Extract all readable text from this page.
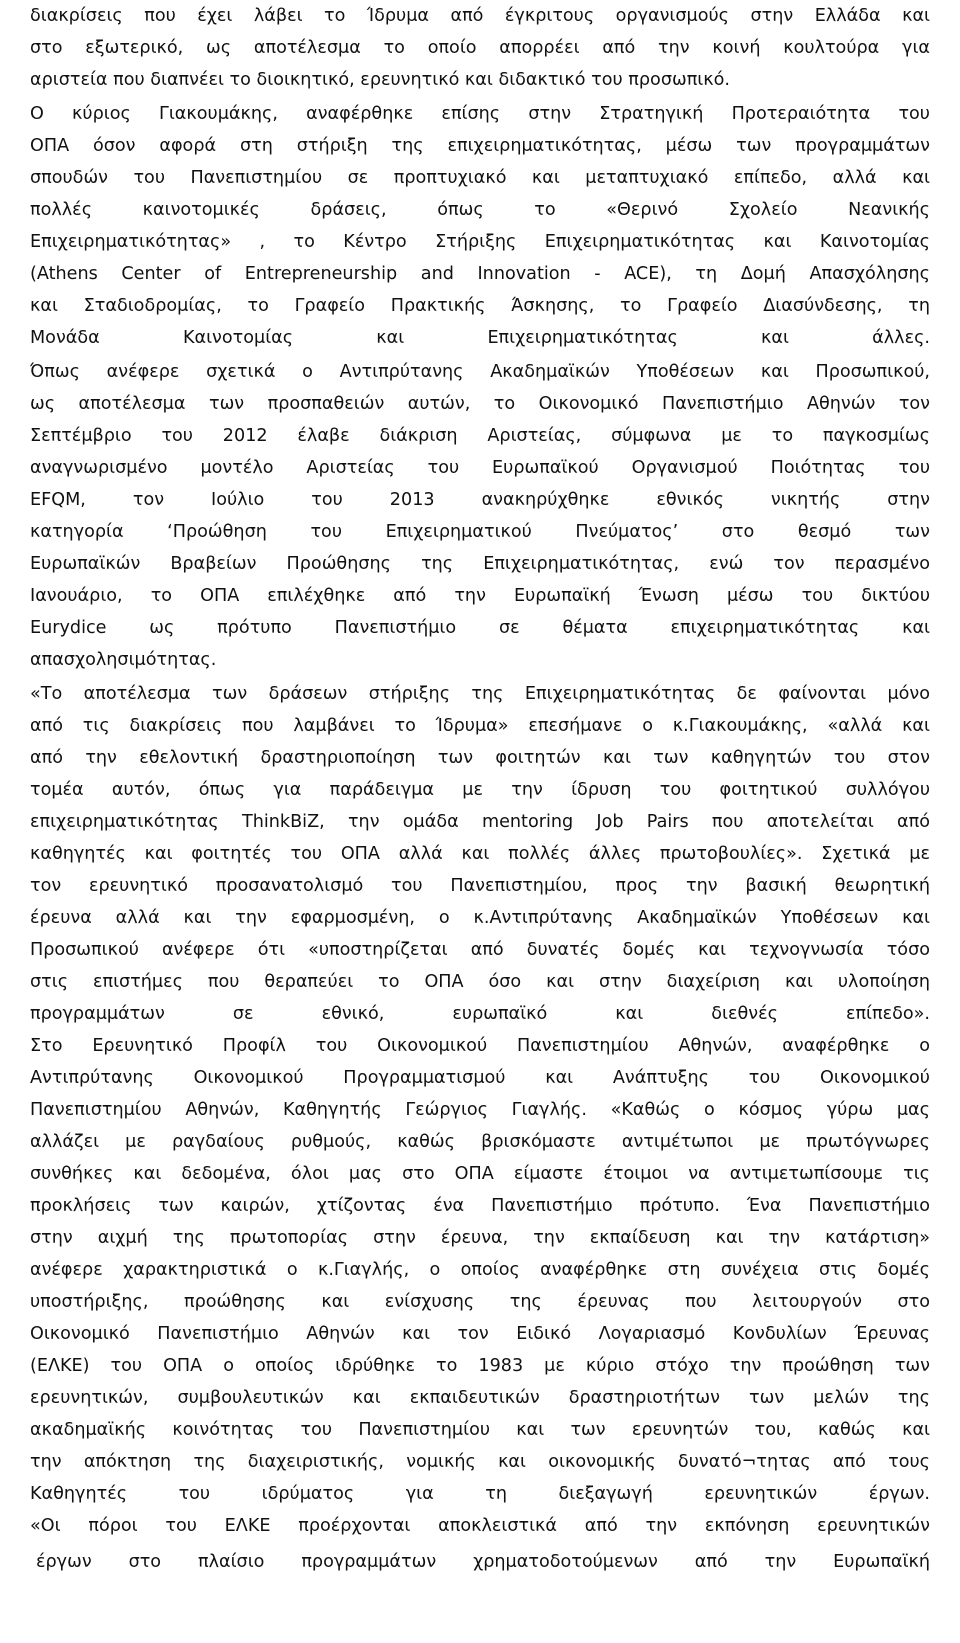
διακρίσεις που έχει λάβει το Ίδρυμα από έγκριτους οργανισμούς στην Ελλάδα και
στο εξωτερικό, ως αποτέλεσμα το οποίο απορρέει από την κοινή κουλτούρα για
αριστεία που διαπνέει το διοικητικό, ερευνητικό και διδακτικό του προσωπικό.
Ο κύριος Γιακουμάκης, αναφέρθηκε επίσης στην Στρατηγική Προτεραιότητα του
ΟΠΑ όσον αφορά στη στήριξη της επιχειρηματικότητας, μέσω των προγραμμάτων
σπουδών του Πανεπιστημίου σε προπτυχιακό και μεταπτυχιακό επίπεδο, αλλά και
πολλές καινοτομικές δράσεις, όπως το «Θερινό Σχολείο Νεανικής
Επιχειρηματικότητας» , το Κέντρο Στήριξης Επιχειρηματικότητας και Καινοτομίας
(Athens Center of Entrepreneurship and Innovation - ACE), τη Δομή Απασχόλησης
και Σταδιοδρομίας, το Γραφείο Πρακτικής Άσκησης, το Γραφείο Διασύνδεσης, τη
Μονάδα Καινοτομίας και Επιχειρηματικότητας και άλλες.
Όπως ανέφερε σχετικά ο Αντιπρύτανης Ακαδημαϊκών Υποθέσεων και Προσωπικού,
ως αποτέλεσμα των προσπαθειών αυτών, το Οικονομικό Πανεπιστήμιο Αθηνών τον
Σεπτέμβριο του 2012 έλαβε διάκριση Αριστείας, σύμφωνα με το παγκοσμίως
αναγνωρισμένο μοντέλο Αριστείας του Ευρωπαϊκού Οργανισμού Ποιότητας του
EFQM, τον Ιούλιο του 2013 ανακηρύχθηκε εθνικός νικητής στην
κατηγορία ‘Προώθηση του Επιχειρηματικού Πνεύματος’ στο θεσμό των
Ευρωπαϊκών Βραβείων Προώθησης της Επιχειρηματικότητας, ενώ τον περασμένο
Ιανουάριο, το ΟΠΑ επιλέχθηκε από την Ευρωπαϊκή Ένωση μέσω του δικτύου
Eurydice ως πρότυπο Πανεπιστήμιο σε θέματα επιχειρηματικότητας και
απασχολησιμότητας.
«Το αποτέλεσμα των δράσεων στήριξης της Επιχειρηματικότητας δε φαίνονται μόνο
από τις διακρίσεις που λαμβάνει το Ίδρυμα» επεσήμανε ο κ.Γιακουμάκης, «αλλά και
από την εθελοντική δραστηριοποίηση των φοιτητών και των καθηγητών του στον
τομέα αυτόν, όπως για παράδειγμα με την ίδρυση του φοιτητικού συλλόγου
επιχειρηματικότητας ThinkBiZ, την ομάδα mentoring Job Pairs που αποτελείται από
καθηγητές και φοιτητές του ΟΠΑ αλλά και πολλές άλλες πρωτοβουλίες». Σχετικά με
τον ερευνητικό προσανατολισμό του Πανεπιστημίου, προς την βασική θεωρητική
έρευνα αλλά και την εφαρμοσμένη, ο κ.Αντιπρύτανης Ακαδημαϊκών Υποθέσεων και
Προσωπικού ανέφερε ότι «υποστηρίζεται από δυνατές δομές και τεχνογνωσία τόσο
στις επιστήμες που θεραπεύει το ΟΠΑ όσο και στην διαχείριση και υλοποίηση
προγραμμάτων σε εθνικό, ευρωπαϊκό και διεθνές επίπεδο».
Στο Ερευνητικό Προφίλ του Οικονομικού Πανεπιστημίου Αθηνών, αναφέρθηκε ο
Αντιπρύτανης Οικονομικού Προγραμματισμού και Ανάπτυξης του Οικονομικού
Πανεπιστημίου Αθηνών, Καθηγητής Γεώργιος Γιαγλής. «Καθώς ο κόσμος γύρω μας
αλλάζει με ραγδαίους ρυθμούς, καθώς βρισκόμαστε αντιμέτωποι με πρωτόγνωρες
συνθήκες και δεδομένα, όλοι μας στο ΟΠΑ είμαστε έτοιμοι να αντιμετωπίσουμε τις
προκλήσεις των καιρών, χτίζοντας ένα Πανεπιστήμιο πρότυπο. Ένα Πανεπιστήμιο
στην αιχμή της πρωτοπορίας στην έρευνα, την εκπαίδευση και την κατάρτιση»
ανέφερε χαρακτηριστικά ο κ.Γιαγλής, ο οποίος αναφέρθηκε στη συνέχεια στις δομές
υποστήριξης, προώθησης και ενίσχυσης της έρευνας που λειτουργούν στο
Οικονομικό Πανεπιστήμιο Αθηνών και τον Ειδικό Λογαριασμό Κονδυλίων Έρευνας
(ΕΛΚΕ) του ΟΠΑ ο οποίος ιδρύθηκε το 1983 με κύριο στόχο την προώθηση των
ερευνητικών, συμβουλευτικών και εκπαιδευτικών δραστηριοτήτων των μελών της
ακαδημαϊκής κοινότητας του Πανεπιστημίου και των ερευνητών του, καθώς και
την απόκτηση της διαχειριστικής, νομικής και οικονομικής δυνατό¬τητας από τους
Καθηγητές του ιδρύματος για τη διεξαγωγή ερευνητικών έργων.
«Οι πόροι του ΕΛΚΕ προέρχονται αποκλειστικά από την εκπόνηση ερευνητικών
έργων στο πλαίσιο προγραμμάτων χρηματοδοτούμενων από την Ευρωπαϊκή
